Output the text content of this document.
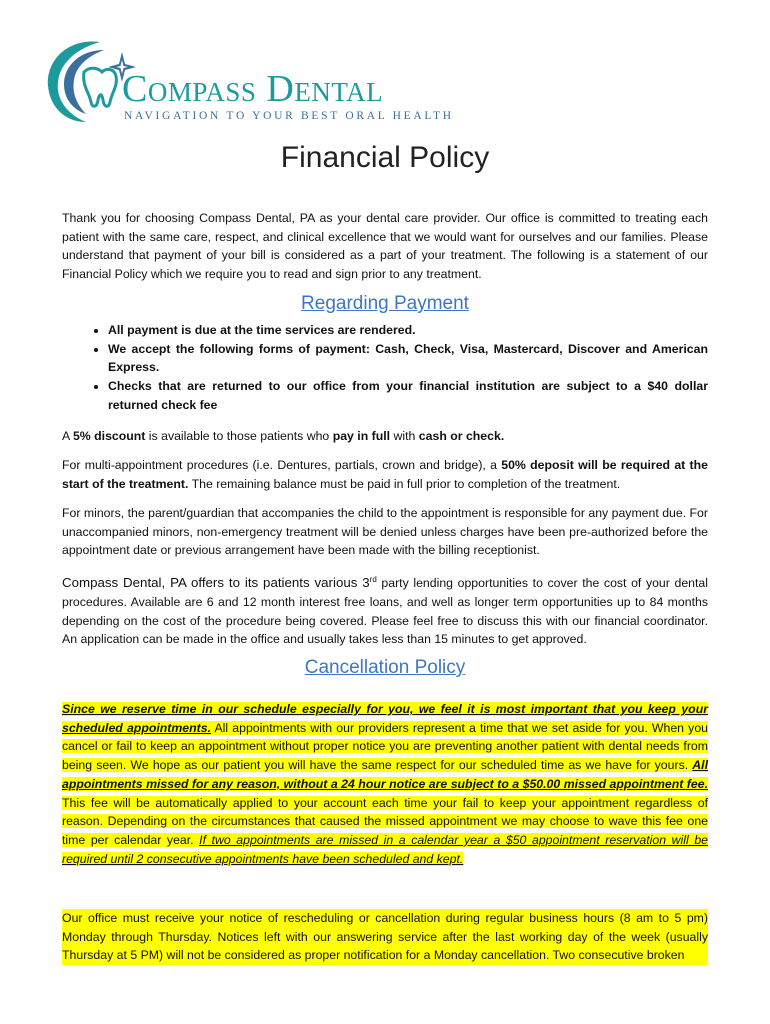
Compass Dental
NAVIGATION TO YOUR BEST ORAL HEALTH
Financial Policy

Thank you for choosing Compass Dental, PA as your dental care provider. Our office is committed to treating each patient with the same care, respect, and clinical excellence that we would want for ourselves and our families. Please understand that payment of your bill is considered as a part of your treatment. The following is a statement of our Financial Policy which we require you to read and sign prior to any treatment.

Regarding Payment
• All payment is due at the time services are rendered.
• We accept the following forms of payment: Cash, Check, Visa, Mastercard, Discover and American Express.
• Checks that are returned to our office from your financial institution are subject to a $40 dollar returned check fee

A 5% discount is available to those patients who pay in full with cash or check.

For multi-appointment procedures (i.e. Dentures, partials, crown and bridge), a 50% deposit will be required at the start of the treatment. The remaining balance must be paid in full prior to completion of the treatment.

For minors, the parent/guardian that accompanies the child to the appointment is responsible for any payment due. For unaccompanied minors, non-emergency treatment will be denied unless charges have been pre-authorized before the appointment date or previous arrangement have been made with the billing receptionist.

Compass Dental, PA offers to its patients various 3rd party lending opportunities to cover the cost of your dental procedures. Available are 6 and 12 month interest free loans, and well as longer term opportunities up to 84 months depending on the cost of the procedure being covered. Please feel free to discuss this with our financial coordinator. An application can be made in the office and usually takes less than 15 minutes to get approved.

Cancellation Policy

Since we reserve time in our schedule especially for you, we feel it is most important that you keep your scheduled appointments. All appointments with our providers represent a time that we set aside for you. When you cancel or fail to keep an appointment without proper notice you are preventing another patient with dental needs from being seen. We hope as our patient you will have the same respect for our scheduled time as we have for yours. All appointments missed for any reason, without a 24 hour notice are subject to a $50.00 missed appointment fee. This fee will be automatically applied to your account each time your fail to keep your appointment regardless of reason. Depending on the circumstances that caused the missed appointment we may choose to wave this fee one time per calendar year. If two appointments are missed in a calendar year a $50 appointment reservation will be required until 2 consecutive appointments have been scheduled and kept.

Our office must receive your notice of rescheduling or cancellation during regular business hours (8 am to 5 pm) Monday through Thursday. Notices left with our answering service after the last working day of the week (usually Thursday at 5 PM) will not be considered as proper notification for a Monday cancellation. Two consecutive broken
